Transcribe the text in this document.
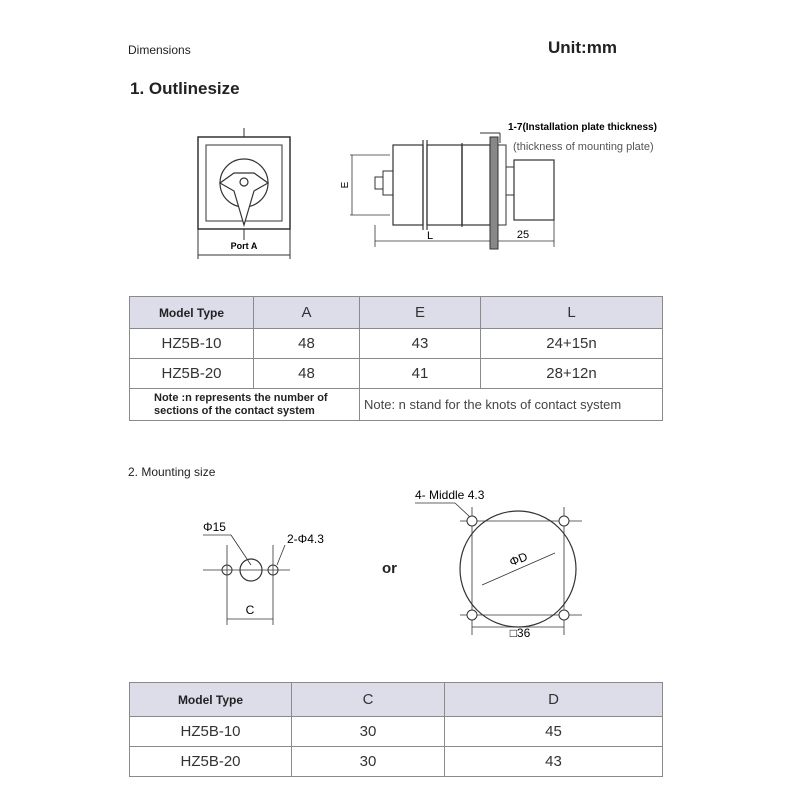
Dimensions	Unit:mm
1. Outlinesize
Port A
1-7(Installation plate thickness)
(thickness of mounting plate)
E
L	25
Model Type	A	E	L
HZ5B-10	48	43	24+15n
HZ5B-20	48	41	28+12n
Note :n represents the number of sections of the contact system		Note: n stand for the knots of contact system	
2. Mounting size
Φ15
2-Φ4.3
C
or
4- Middle 4.3
ΦD
□36
Model Type	C	D
HZ5B-10	30	45
HZ5B-20	30	43
